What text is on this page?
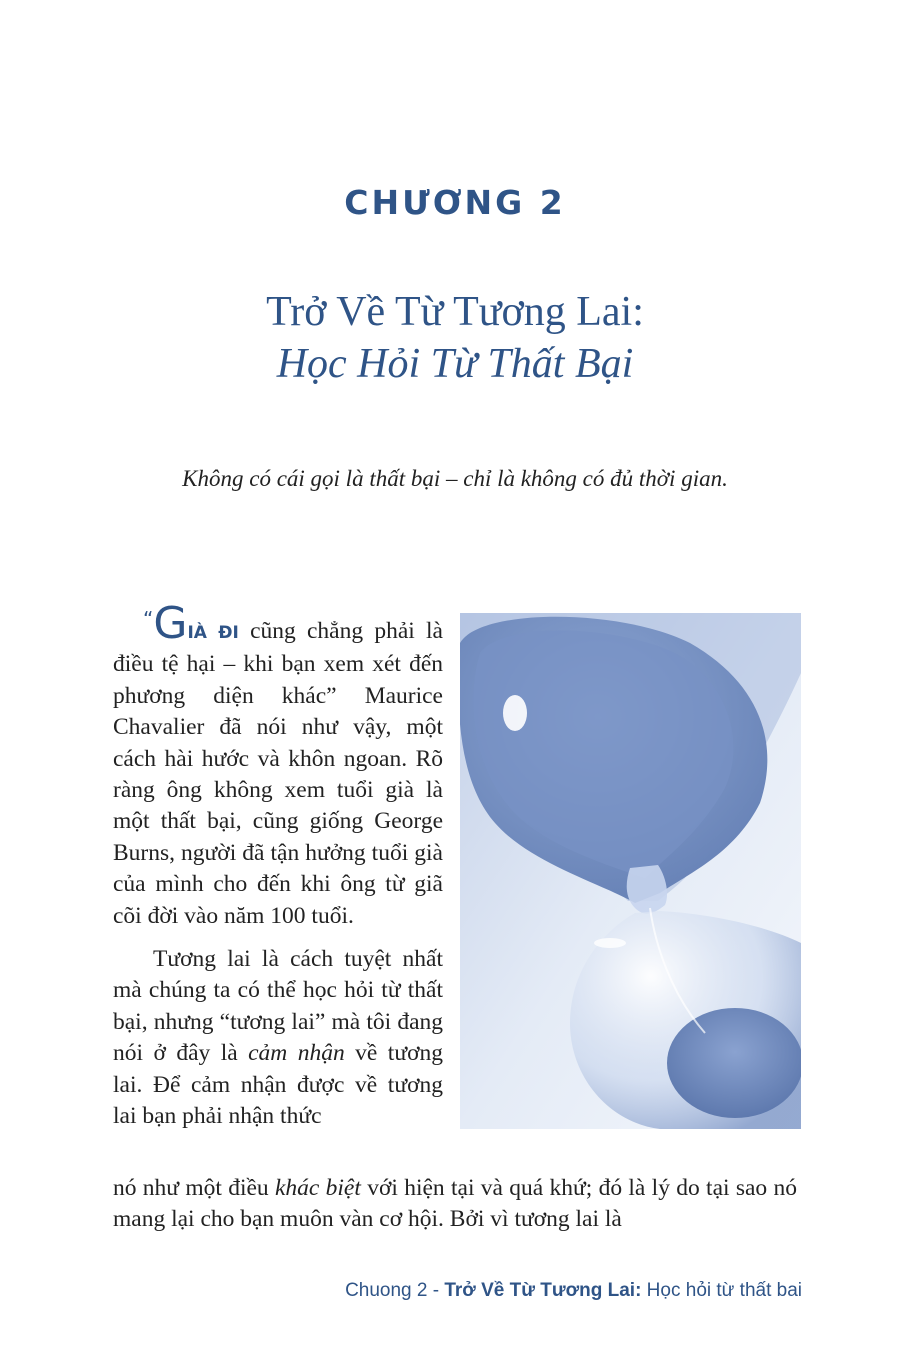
CHƯƠNG 2
Trở Về Từ Tương Lai:
Học Hỏi Từ Thất Bại
Không có cái gọi là thất bại – chỉ là không có đủ thời gian.

“GIÀ ĐI cũng chẳng phải là điều tệ hại – khi bạn xem xét đến phương diện khác” Maurice Chavalier đã nói như vậy, một cách hài hước và khôn ngoan. Rõ ràng ông không xem tuổi già là một thất bại, cũng giống George Burns, người đã tận hưởng tuổi già của mình cho đến khi ông từ giã cõi đời vào năm 100 tuổi.

Tương lai là cách tuyệt nhất mà chúng ta có thể học hỏi từ thất bại, nhưng “tương lai” mà tôi đang nói ở đây là cảm nhận về tương lai. Để cảm nhận được về tương lai bạn phải nhận thức

nó như một điều khác biệt với hiện tại và quá khứ; đó là lý do tại sao nó mang lại cho bạn muôn vàn cơ hội. Bởi vì tương lai là

Chuong 2 - Trở Về Từ Tương Lai: Học hỏi từ thất bai
